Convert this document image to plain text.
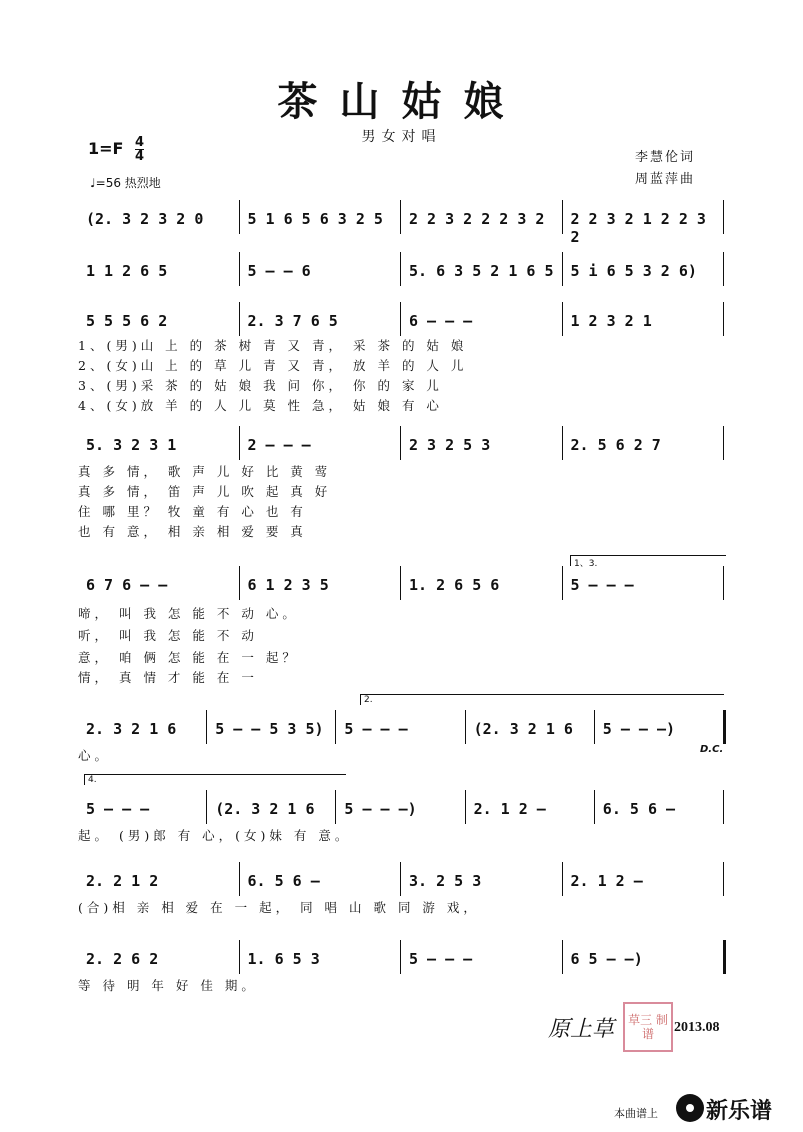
茶山姑娘
男女对唱
$1=F \frac{4}{4}$
♩=56 热烈地
李慧伦词
周蓝萍曲
(2. 3 2 3 2 0	5 1 6 5 6 3 2 5 2 2 3 2 2 2 3 2 2 2 3 2 1 2 2 3 2
1 1 2 6 5	5 – – 6	5. 6 3 5 2 1 6 5 5 i 6 5 3 2 6)
5 5 5 6 2	2. 3 7 6 5	6 – – –	1 2 3 2 1
5. 3 2 3 1	2 – – –	2 3 2 5 3	2. 5 6 2 7
6 7 6 – –	6 1 2 3 5	1. 2 6 5 6	5 – – –
2. 3 2 1 6	5 – – 5 3 5) 5 – – –	(2. 3 2 1 6 5 – – –)
5 – – –	(2. 3 2 1 6 5 – – –)	2. 1 2 –	6. 5 6 –
2. 2 1 2	6. 5 6 –	3. 2 5 3	2. 1 2 –
2. 2 6 2	1. 6 5 3	5 – – –	6 5 – –)
1、(男)山 上 的 茶 树 青 又 青， 采 茶 的 姑 娘
2、(女)山 上 的 草 儿 青 又 青， 放 羊 的 人 儿
3、(男)采 茶 的 姑 娘 我 问 你， 你 的 家 儿
4、(女)放 羊 的 人 儿 莫 性 急， 姑 娘 有 心
真 多 情， 歌 声 儿 好 比 黄 莺
真 多 情， 笛 声 儿 吹 起 真 好
住 哪 里？ 牧 童 有 心 也 有
也 有 意， 相 亲 相 爱 要 真
啼， 叫 我 怎 能 不 动 心。
听， 叫 我 怎 能 不 动
意， 咱 俩 怎 能 在 一 起？
情， 真 情 才 能 在 一
心。
起。 (男)郎 有 心，(女)妹 有 意。
(合)相 亲 相 爱 在 一 起， 同 唱 山 歌 同 游 戏，
等 待 明 年 好 佳 期。
1、3.
2.
4.
D.C.
原上草	草三 制谱	2013.08
本曲谱上 新乐谱
